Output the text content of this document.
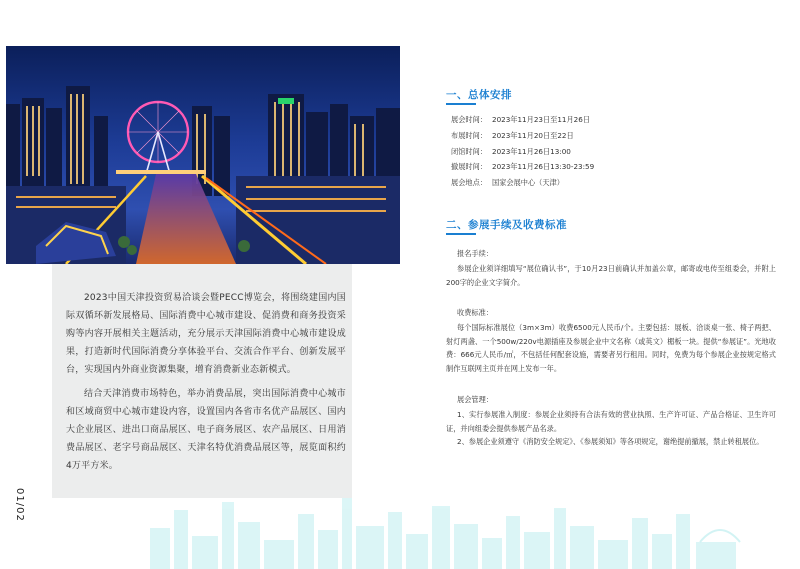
2023中国天津投资贸易洽谈会暨PECC博览会，将围绕建国内国际双循环新发展格局、国际消费中心城市建设、促消费和商务投资采购等内容开展相关主题活动，充分展示天津国际消费中心城市建设成果，打造新时代国际消费分享体验平台、交流合作平台、创新发展平台，实现国内外商业资源集聚，增育消费新业态新模式。

结合天津消费市场特色，举办消费品展，突出国际消费中心城市和区域商贸中心城市建设内容，设置国内各省市名优产品展区、国内大企业展区、进出口商品展区、电子商务展区、农产品展区、日用消费品展区、老字号商品展区、天津名特优消费品展区等，展览面积约4万平方米。

01/02
一、总体安排
展会时间： 2023年11月23日至11月26日
布展时间： 2023年11月20日至22日
闭馆时间： 2023年11月26日13:00
撤展时间： 2023年11月26日13:30-23:59
展会地点： 国家会展中心（天津）
二、参展手续及收费标准
报名手续：

参展企业须详细填写“展位确认书”，于10月23日前确认并加盖公章，邮寄或电传至组委会，并附上200字的企业文字简介。

收费标准：

每个国际标准展位（3m×3m）收费6500元人民币/个。主要包括：展板、洽谈桌一张、椅子两把、射灯两盏、一个500w/220v电源插座及参展企业中文名称（或英文）楣板一块。提供“参展证”。光地收费：666元人民币/㎡，不包括任何配套设施，需要者另行租用。同时，免费为每个参展企业按规定格式制作互联网主页并在网上发布一年。

展会管理：

1、实行参展准入制度：参展企业须持有合法有效的营业执照、生产许可证、产品合格证、卫生许可证，并向组委会提供参展产品名录。

2、参展企业须遵守《消防安全规定》、《参展须知》等各项规定，谢绝提前撤展，禁止转租展位。
